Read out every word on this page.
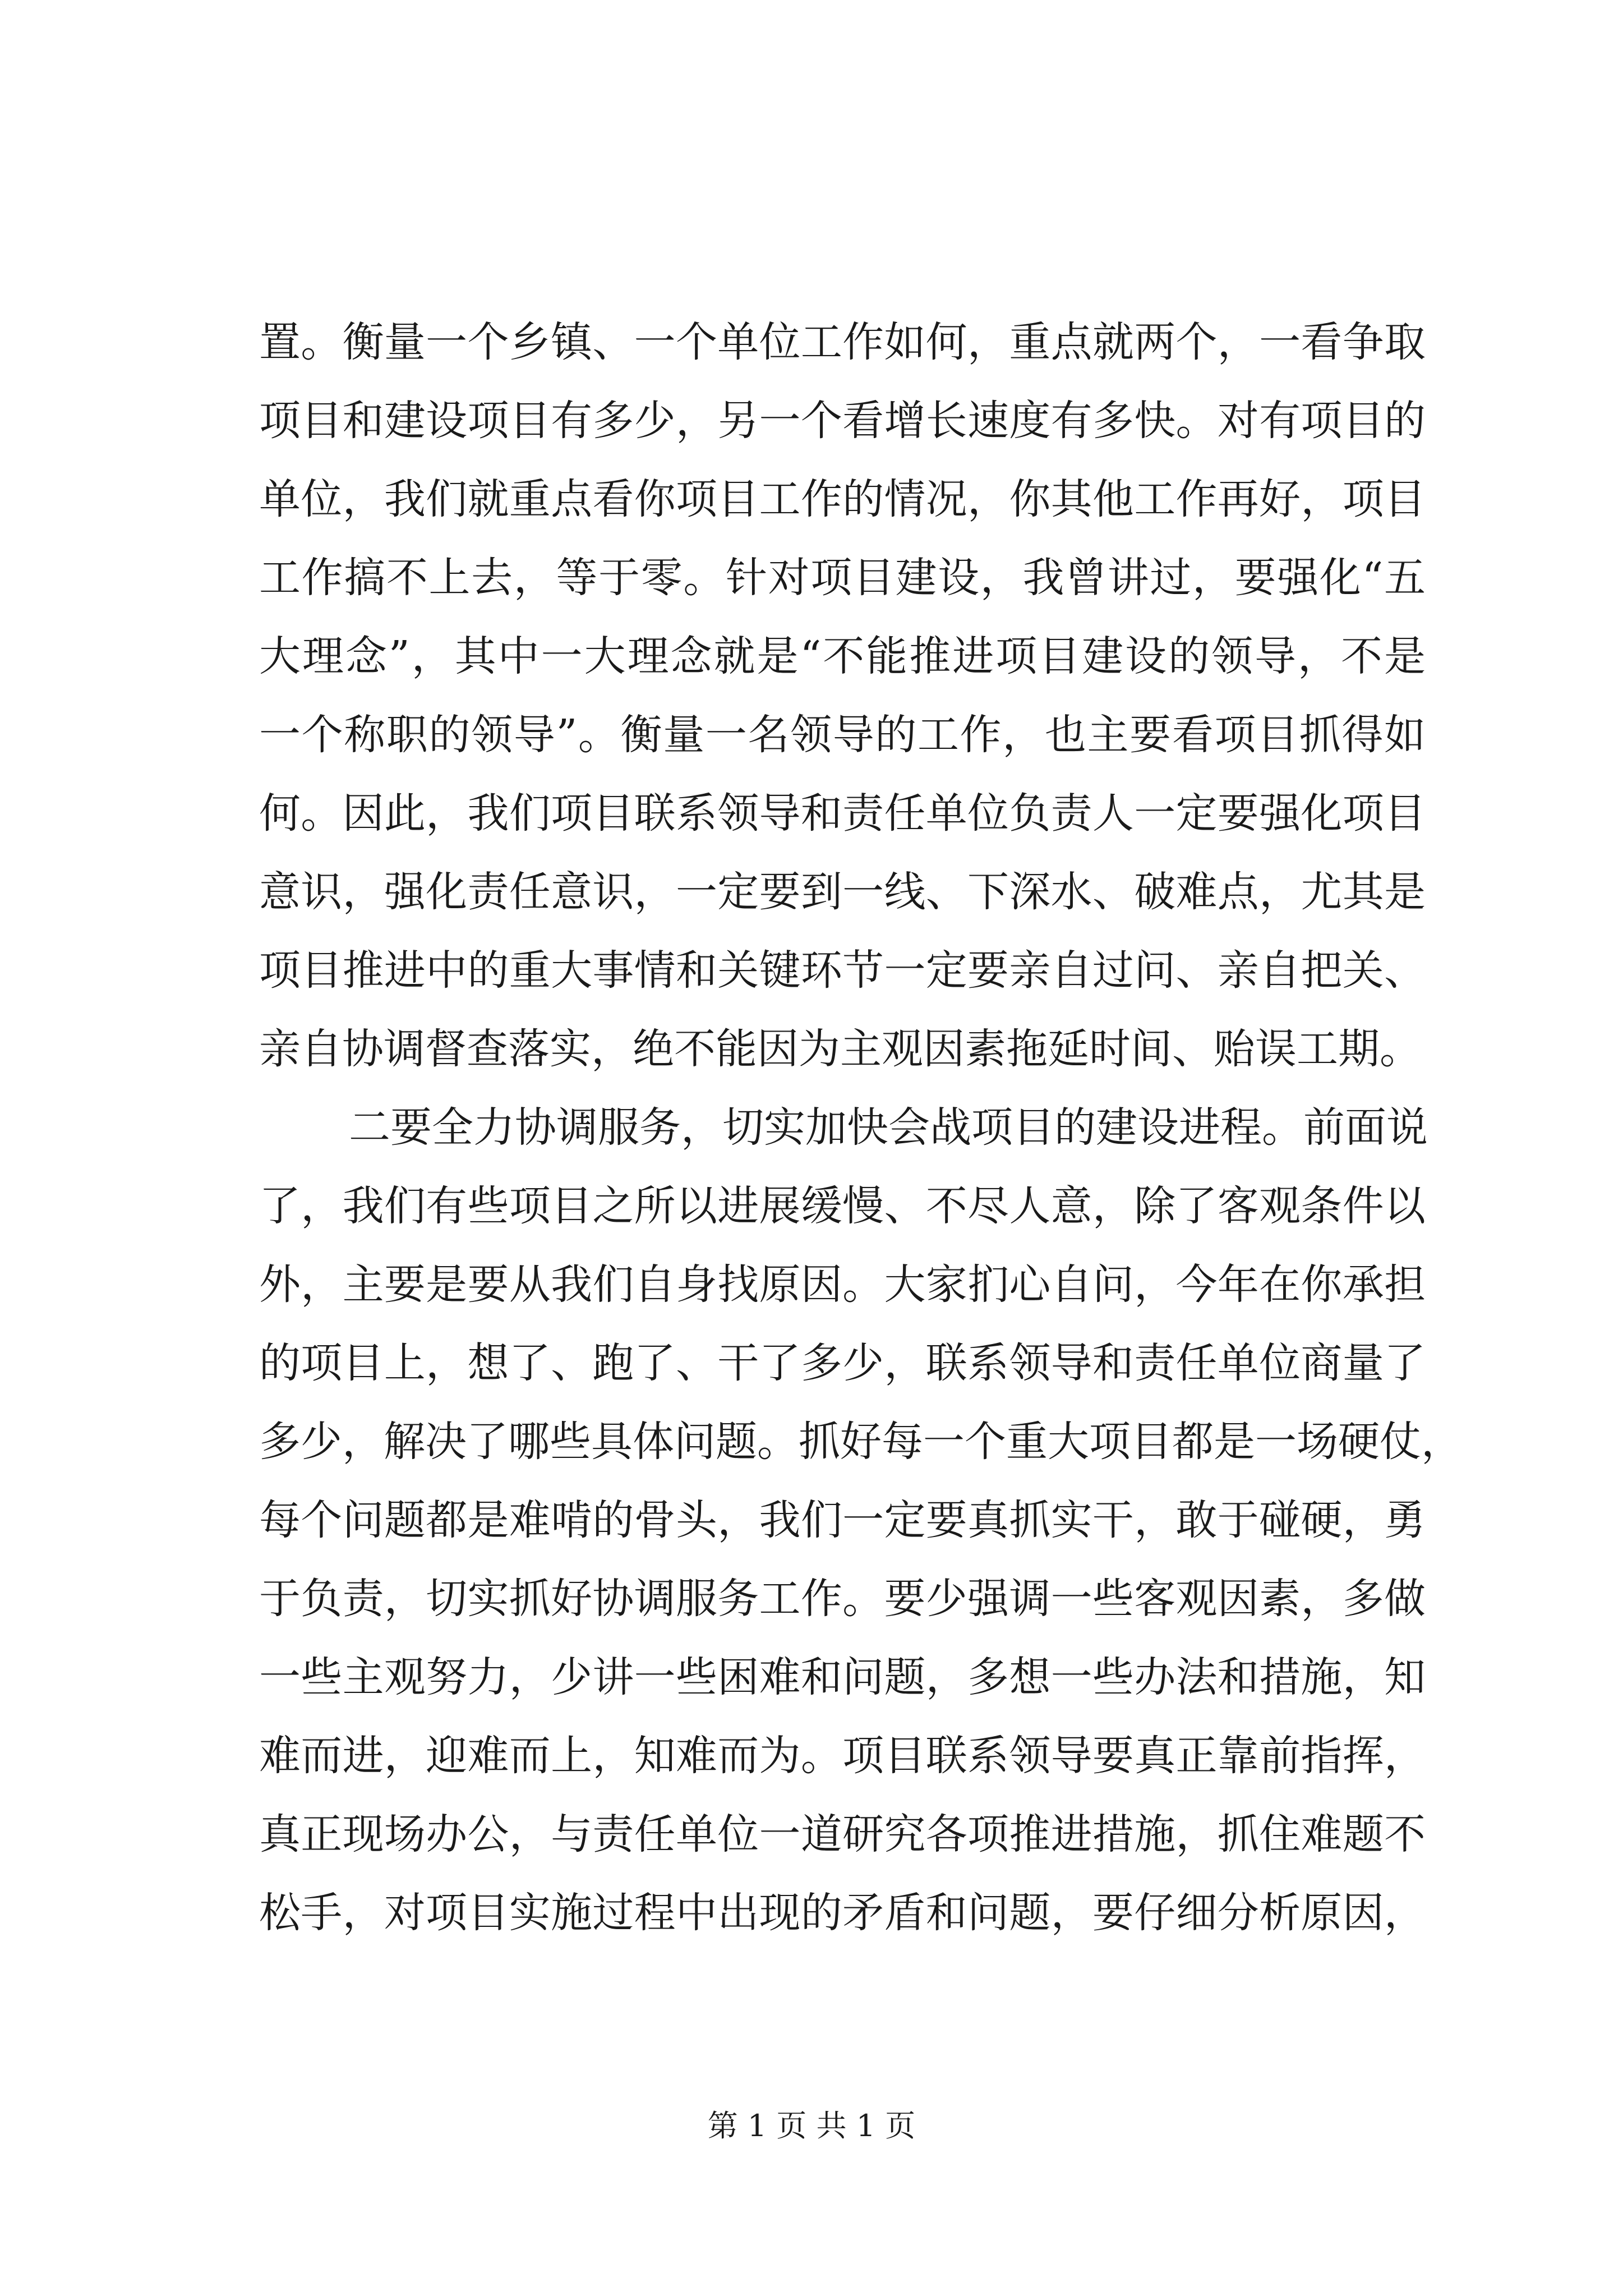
置。衡量一个乡镇、一个单位工作如何，重点就两个，一看争取
项目和建设项目有多少，另一个看增长速度有多快。对有项目的
单位，我们就重点看你项目工作的情况，你其他工作再好，项目
工作搞不上去，等于零。针对项目建设，我曾讲过，要强化“五
大理念”，其中一大理念就是“不能推进项目建设的领导，不是
一个称职的领导”。衡量一名领导的工作，也主要看项目抓得如
何。因此，我们项目联系领导和责任单位负责人一定要强化项目
意识，强化责任意识，一定要到一线、下深水、破难点，尤其是
项目推进中的重大事情和关键环节一定要亲自过问、亲自把关、
亲自协调督查落实，绝不能因为主观因素拖延时间、贻误工期。
二要全力协调服务，切实加快会战项目的建设进程。前面说
了，我们有些项目之所以进展缓慢、不尽人意，除了客观条件以
外，主要是要从我们自身找原因。大家扪心自问，今年在你承担
的项目上，想了、跑了、干了多少，联系领导和责任单位商量了
多少，解决了哪些具体问题。抓好每一个重大项目都是一场硬仗，
每个问题都是难啃的骨头，我们一定要真抓实干，敢于碰硬，勇
于负责，切实抓好协调服务工作。要少强调一些客观因素，多做
一些主观努力，少讲一些困难和问题，多想一些办法和措施，知
难而进，迎难而上，知难而为。项目联系领导要真正靠前指挥，
真正现场办公，与责任单位一道研究各项推进措施，抓住难题不
松手，对项目实施过程中出现的矛盾和问题，要仔细分析原因，
第 1 页 共 1 页
